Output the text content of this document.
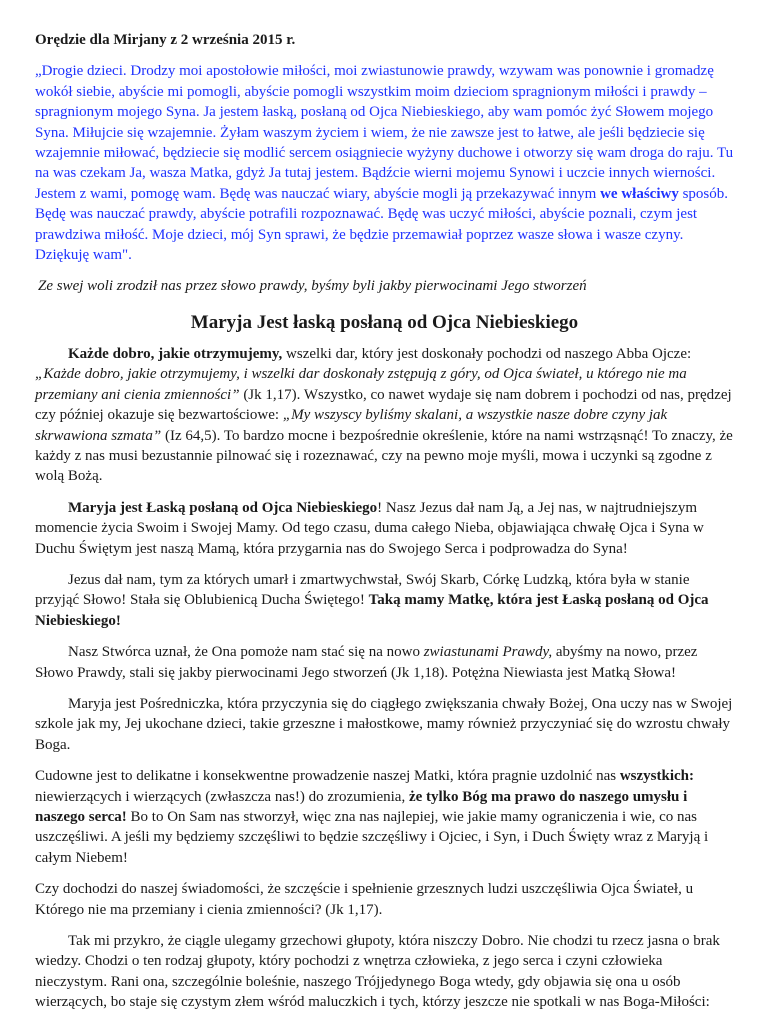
Orędzie dla Mirjany z 2 września 2015 r.

„Drogie dzieci. Drodzy moi apostołowie miłości, moi zwiastunowie prawdy, wzywam was ponownie i gromadzę wokół siebie, abyście mi pomogli, abyście pomogli wszystkim moim dzieciom spragnionym miłości i prawdy – spragnionym mojego Syna. Ja jestem łaską, posłaną od Ojca Niebieskiego, aby wam pomóc żyć Słowem mojego Syna. Miłujcie się wzajemnie. Żyłam waszym życiem i wiem, że nie zawsze jest to łatwe, ale jeśli będziecie się wzajemnie miłować, będziecie się modlić sercem osiągniecie wyżyny duchowe i otworzy się wam droga do raju. Tu na was czekam Ja, wasza Matka, gdyż Ja tutaj jestem. Bądźcie wierni mojemu Synowi i uczcie innych wierności. Jestem z wami, pomogę wam. Będę was nauczać wiary, abyście mogli ją przekazywać innym we właściwy sposób. Będę was nauczać prawdy, abyście potrafili rozpoznawać. Będę was uczyć miłości, abyście poznali, czym jest prawdziwa miłość. Moje dzieci, mój Syn sprawi, że będzie przemawiał poprzez wasze słowa i wasze czyny. Dziękuję wam".

Ze swej woli zrodził nas przez słowo prawdy, byśmy byli jakby pierwocinami Jego stworzeń

Maryja Jest łaską posłaną od Ojca Niebieskiego

Każde dobro, jakie otrzymujemy, wszelki dar, który jest doskonały pochodzi od naszego Abba Ojcze: „Każde dobro, jakie otrzymujemy, i wszelki dar doskonały zstępują z góry, od Ojca świateł, u którego nie ma przemiany ani cienia zmienności” (Jk 1,17). Wszystko, co nawet wydaje się nam dobrem i pochodzi od nas, prędzej czy później okazuje się bezwartościowe: „My wszyscy byliśmy skalani, a wszystkie nasze dobre czyny jak skrwawiona szmata” (Iz 64,5). To bardzo mocne i bezpośrednie określenie, które na nami wstrząsnąć! To znaczy, że każdy z nas musi bezustannie pilnować się i rozeznawać, czy na pewno moje myśli, mowa i uczynki są zgodne z wolą Bożą.

Maryja jest Łaską posłaną od Ojca Niebieskiego! Nasz Jezus dał nam Ją, a Jej nas, w najtrudniejszym momencie życia Swoim i Swojej Mamy. Od tego czasu, duma całego Nieba, objawiająca chwałę Ojca i Syna w Duchu Świętym jest naszą Mamą, która przygarnia nas do Swojego Serca i podprowadza do Syna!

Jezus dał nam, tym za których umarł i zmartwychwstał, Swój Skarb, Córkę Ludzką, która była w stanie przyjąć Słowo! Stała się Oblubienicą Ducha Świętego! Taką mamy Matkę, która jest Łaską posłaną od Ojca Niebieskiego!

Nasz Stwórca uznał, że Ona pomoże nam stać się na nowo zwiastunami Prawdy, abyśmy na nowo, przez Słowo Prawdy, stali się jakby pierwocinami Jego stworzeń (Jk 1,18). Potężna Niewiasta jest Matką Słowa!

Maryja jest Pośredniczka, która przyczynia się do ciągłego zwiększania chwały Bożej, Ona uczy nas w Swojej szkole jak my, Jej ukochane dzieci, takie grzeszne i małostkowe, mamy również przyczyniać się do wzrostu chwały Boga.

Cudowne jest to delikatne i konsekwentne prowadzenie naszej Matki, która pragnie uzdolnić nas wszystkich: niewierzących i wierzących (zwłaszcza nas!) do zrozumienia, że tylko Bóg ma prawo do naszego umysłu i naszego serca! Bo to On Sam nas stworzył, więc zna nas najlepiej, wie jakie mamy ograniczenia i wie, co nas uszczęśliwi. A jeśli my będziemy szczęśliwi to będzie szczęśliwy i Ojciec, i Syn, i Duch Święty wraz z Maryją i całym Niebem!

Czy dochodzi do naszej świadomości, że szczęście i spełnienie grzesznych ludzi uszczęśliwia Ojca Świateł, u Którego nie ma przemiany i cienia zmienności? (Jk 1,17).

Tak mi przykro, że ciągle ulegamy grzechowi głupoty, która niszczy Dobro. Nie chodzi tu rzecz jasna o brak wiedzy. Chodzi o ten rodzaj głupoty, który pochodzi z wnętrza człowieka, z jego serca i czyni człowieka nieczystym. Rani ona, szczególnie boleśnie, naszego Trójjedynego Boga wtedy, gdy objawia się ona u osób wierzących, bo staje się czystym złem wśród maluczkich i tych, którzy jeszcze nie spotkali w nas Boga-Miłości:
